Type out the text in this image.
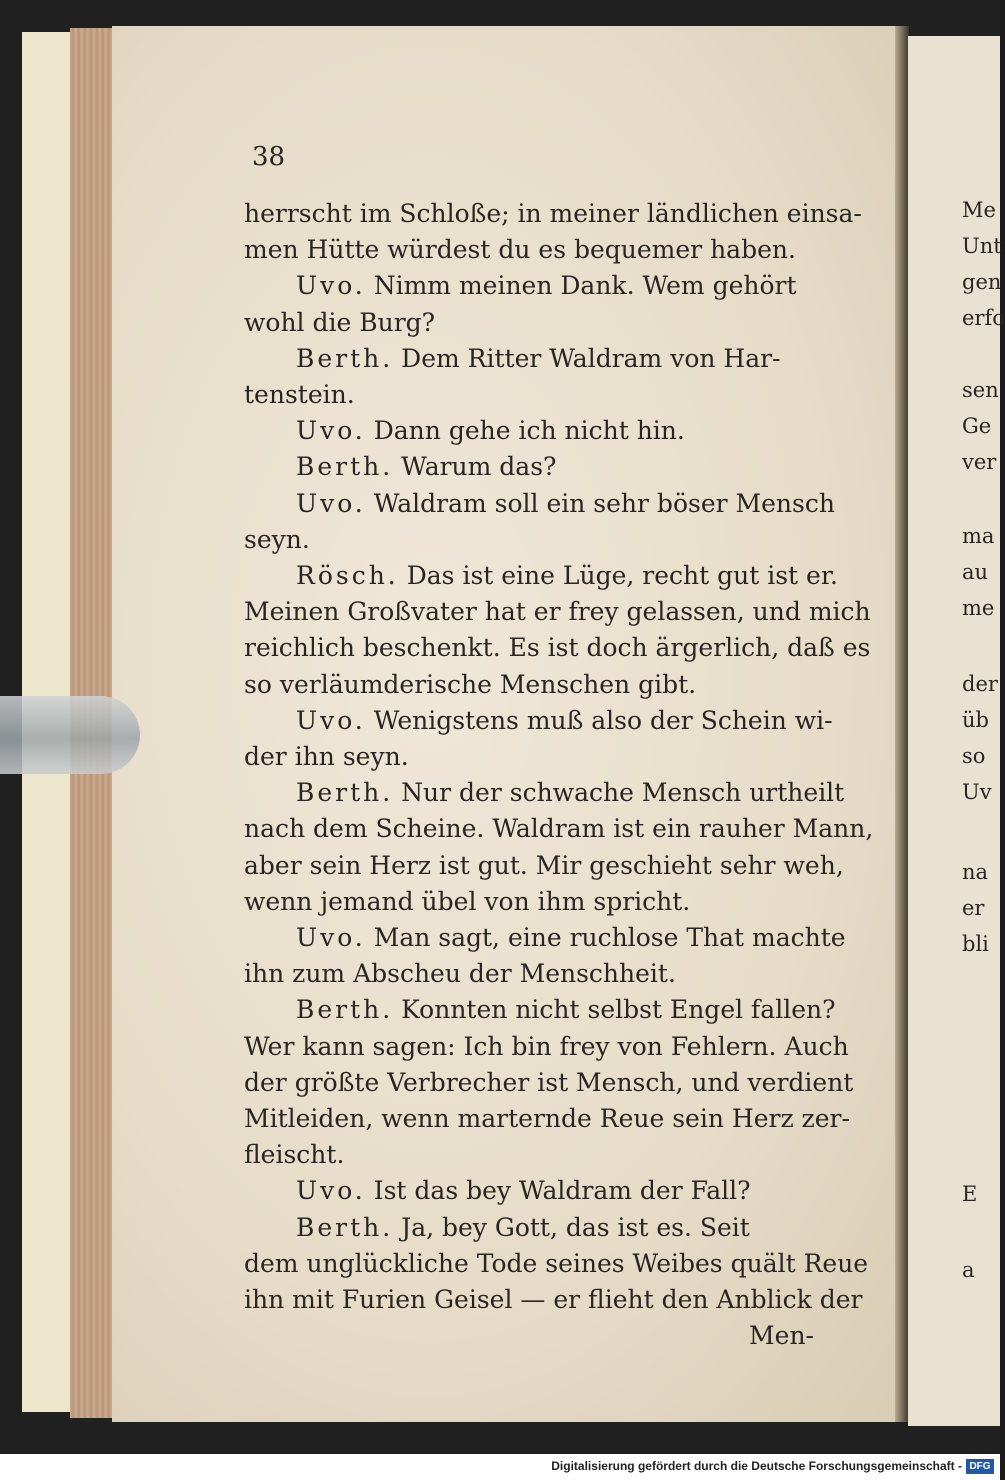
38
herrscht im Schloße; in meiner ländlichen einsa-
men Hütte würdest du es bequemer haben.
Uvo. Nimm meinen Dank. Wem gehört
wohl die Burg?
Berth. Dem Ritter Waldram von Har-
tenstein.
Uvo. Dann gehe ich nicht hin.
Berth. Warum das?
Uvo. Waldram soll ein sehr böser Mensch
seyn.
Rösch. Das ist eine Lüge, recht gut ist er.
Meinen Großvater hat er frey gelassen, und mich
reichlich beschenkt. Es ist doch ärgerlich, daß es
so verläumderische Menschen gibt.
Uvo. Wenigstens muß also der Schein wi-
der ihn seyn.
Berth. Nur der schwache Mensch urtheilt
nach dem Scheine. Waldram ist ein rauher Mann,
aber sein Herz ist gut. Mir geschieht sehr weh,
wenn jemand übel von ihm spricht.
Uvo. Man sagt, eine ruchlose That machte
ihn zum Abscheu der Menschheit.
Berth. Konnten nicht selbst Engel fallen?
Wer kann sagen: Ich bin frey von Fehlern. Auch
der größte Verbrecher ist Mensch, und verdient
Mitleiden, wenn marternde Reue sein Herz zer-
fleischt.
Uvo. Ist das bey Waldram der Fall?
Berth. Ja, bey Gott, das ist es. Seit
dem unglückliche Tode seines Weibes quält Reue
ihn mit Furien Geisel — er flieht den Anblick der
Men-
Me
Unt
gen
erfo
sen
Ge
ver
ma
au
me
der
üb
so
Uv
na
er
bli
E
a
Digitalisierung gefördert durch die Deutsche Forschungsgemeinschaft - DFG
